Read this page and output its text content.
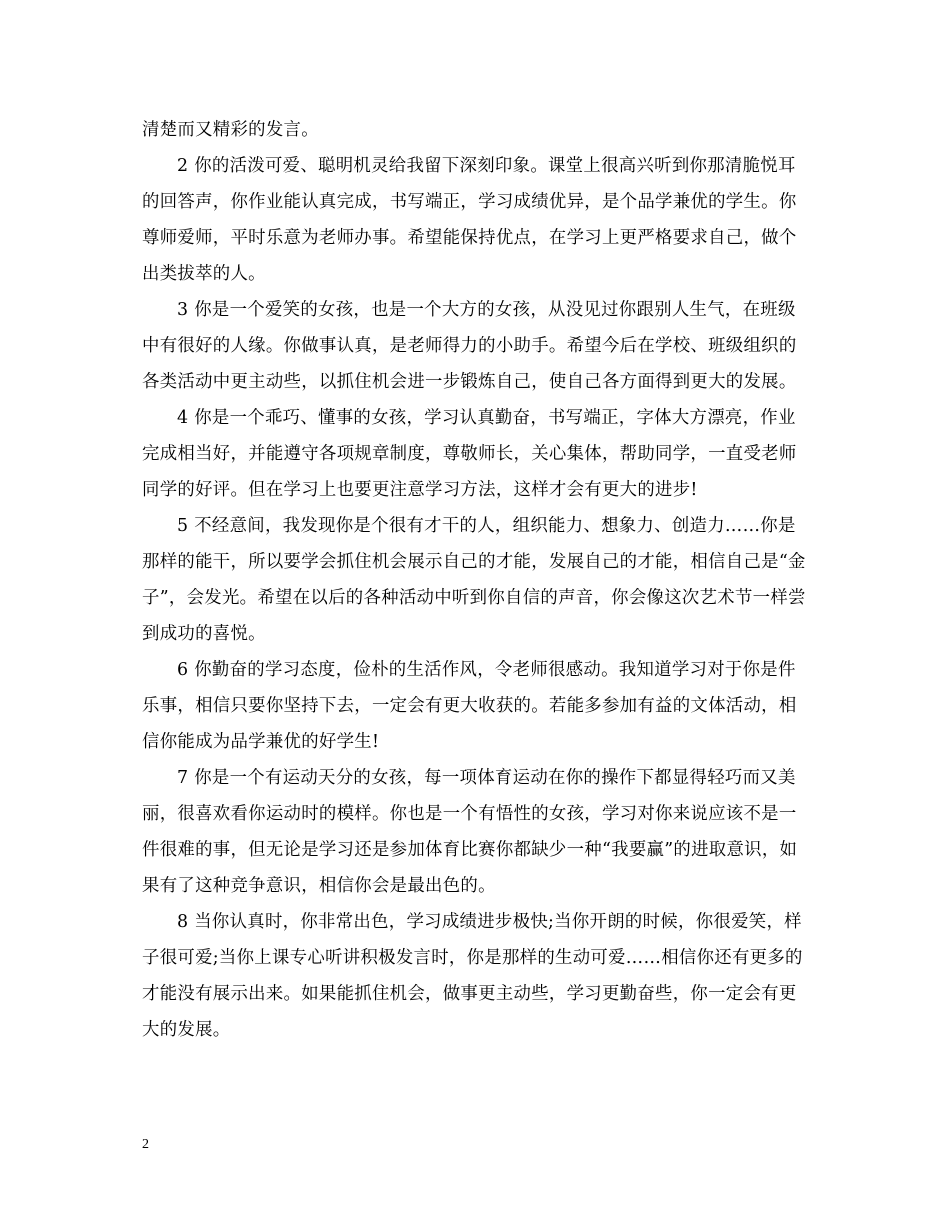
清楚而又精彩的发言。

2 你的活泼可爱、聪明机灵给我留下深刻印象。课堂上很高兴听到你那清脆悦耳的回答声，你作业能认真完成，书写端正，学习成绩优异，是个品学兼优的学生。你尊师爱师，平时乐意为老师办事。希望能保持优点，在学习上更严格要求自己，做个出类拔萃的人。

3 你是一个爱笑的女孩，也是一个大方的女孩，从没见过你跟别人生气，在班级中有很好的人缘。你做事认真，是老师得力的小助手。希望今后在学校、班级组织的各类活动中更主动些，以抓住机会进一步锻炼自己，使自己各方面得到更大的发展。

4 你是一个乖巧、懂事的女孩，学习认真勤奋，书写端正，字体大方漂亮，作业完成相当好，并能遵守各项规章制度，尊敬师长，关心集体，帮助同学，一直受老师同学的好评。但在学习上也要更注意学习方法，这样才会有更大的进步!

5 不经意间，我发现你是个很有才干的人，组织能力、想象力、创造力……你是那样的能干，所以要学会抓住机会展示自己的才能，发展自己的才能，相信自己是“金子”，会发光。希望在以后的各种活动中听到你自信的声音，你会像这次艺术节一样尝到成功的喜悦。

6 你勤奋的学习态度，俭朴的生活作风，令老师很感动。我知道学习对于你是件乐事，相信只要你坚持下去，一定会有更大收获的。若能多参加有益的文体活动，相信你能成为品学兼优的好学生!

7 你是一个有运动天分的女孩，每一项体育运动在你的操作下都显得轻巧而又美丽，很喜欢看你运动时的模样。你也是一个有悟性的女孩，学习对你来说应该不是一件很难的事，但无论是学习还是参加体育比赛你都缺少一种“我要赢”的进取意识，如果有了这种竞争意识，相信你会是最出色的。

8 当你认真时，你非常出色，学习成绩进步极快;当你开朗的时候，你很爱笑，样子很可爱;当你上课专心听讲积极发言时，你是那样的生动可爱……相信你还有更多的才能没有展示出来。如果能抓住机会，做事更主动些，学习更勤奋些，你一定会有更大的发展。

2
